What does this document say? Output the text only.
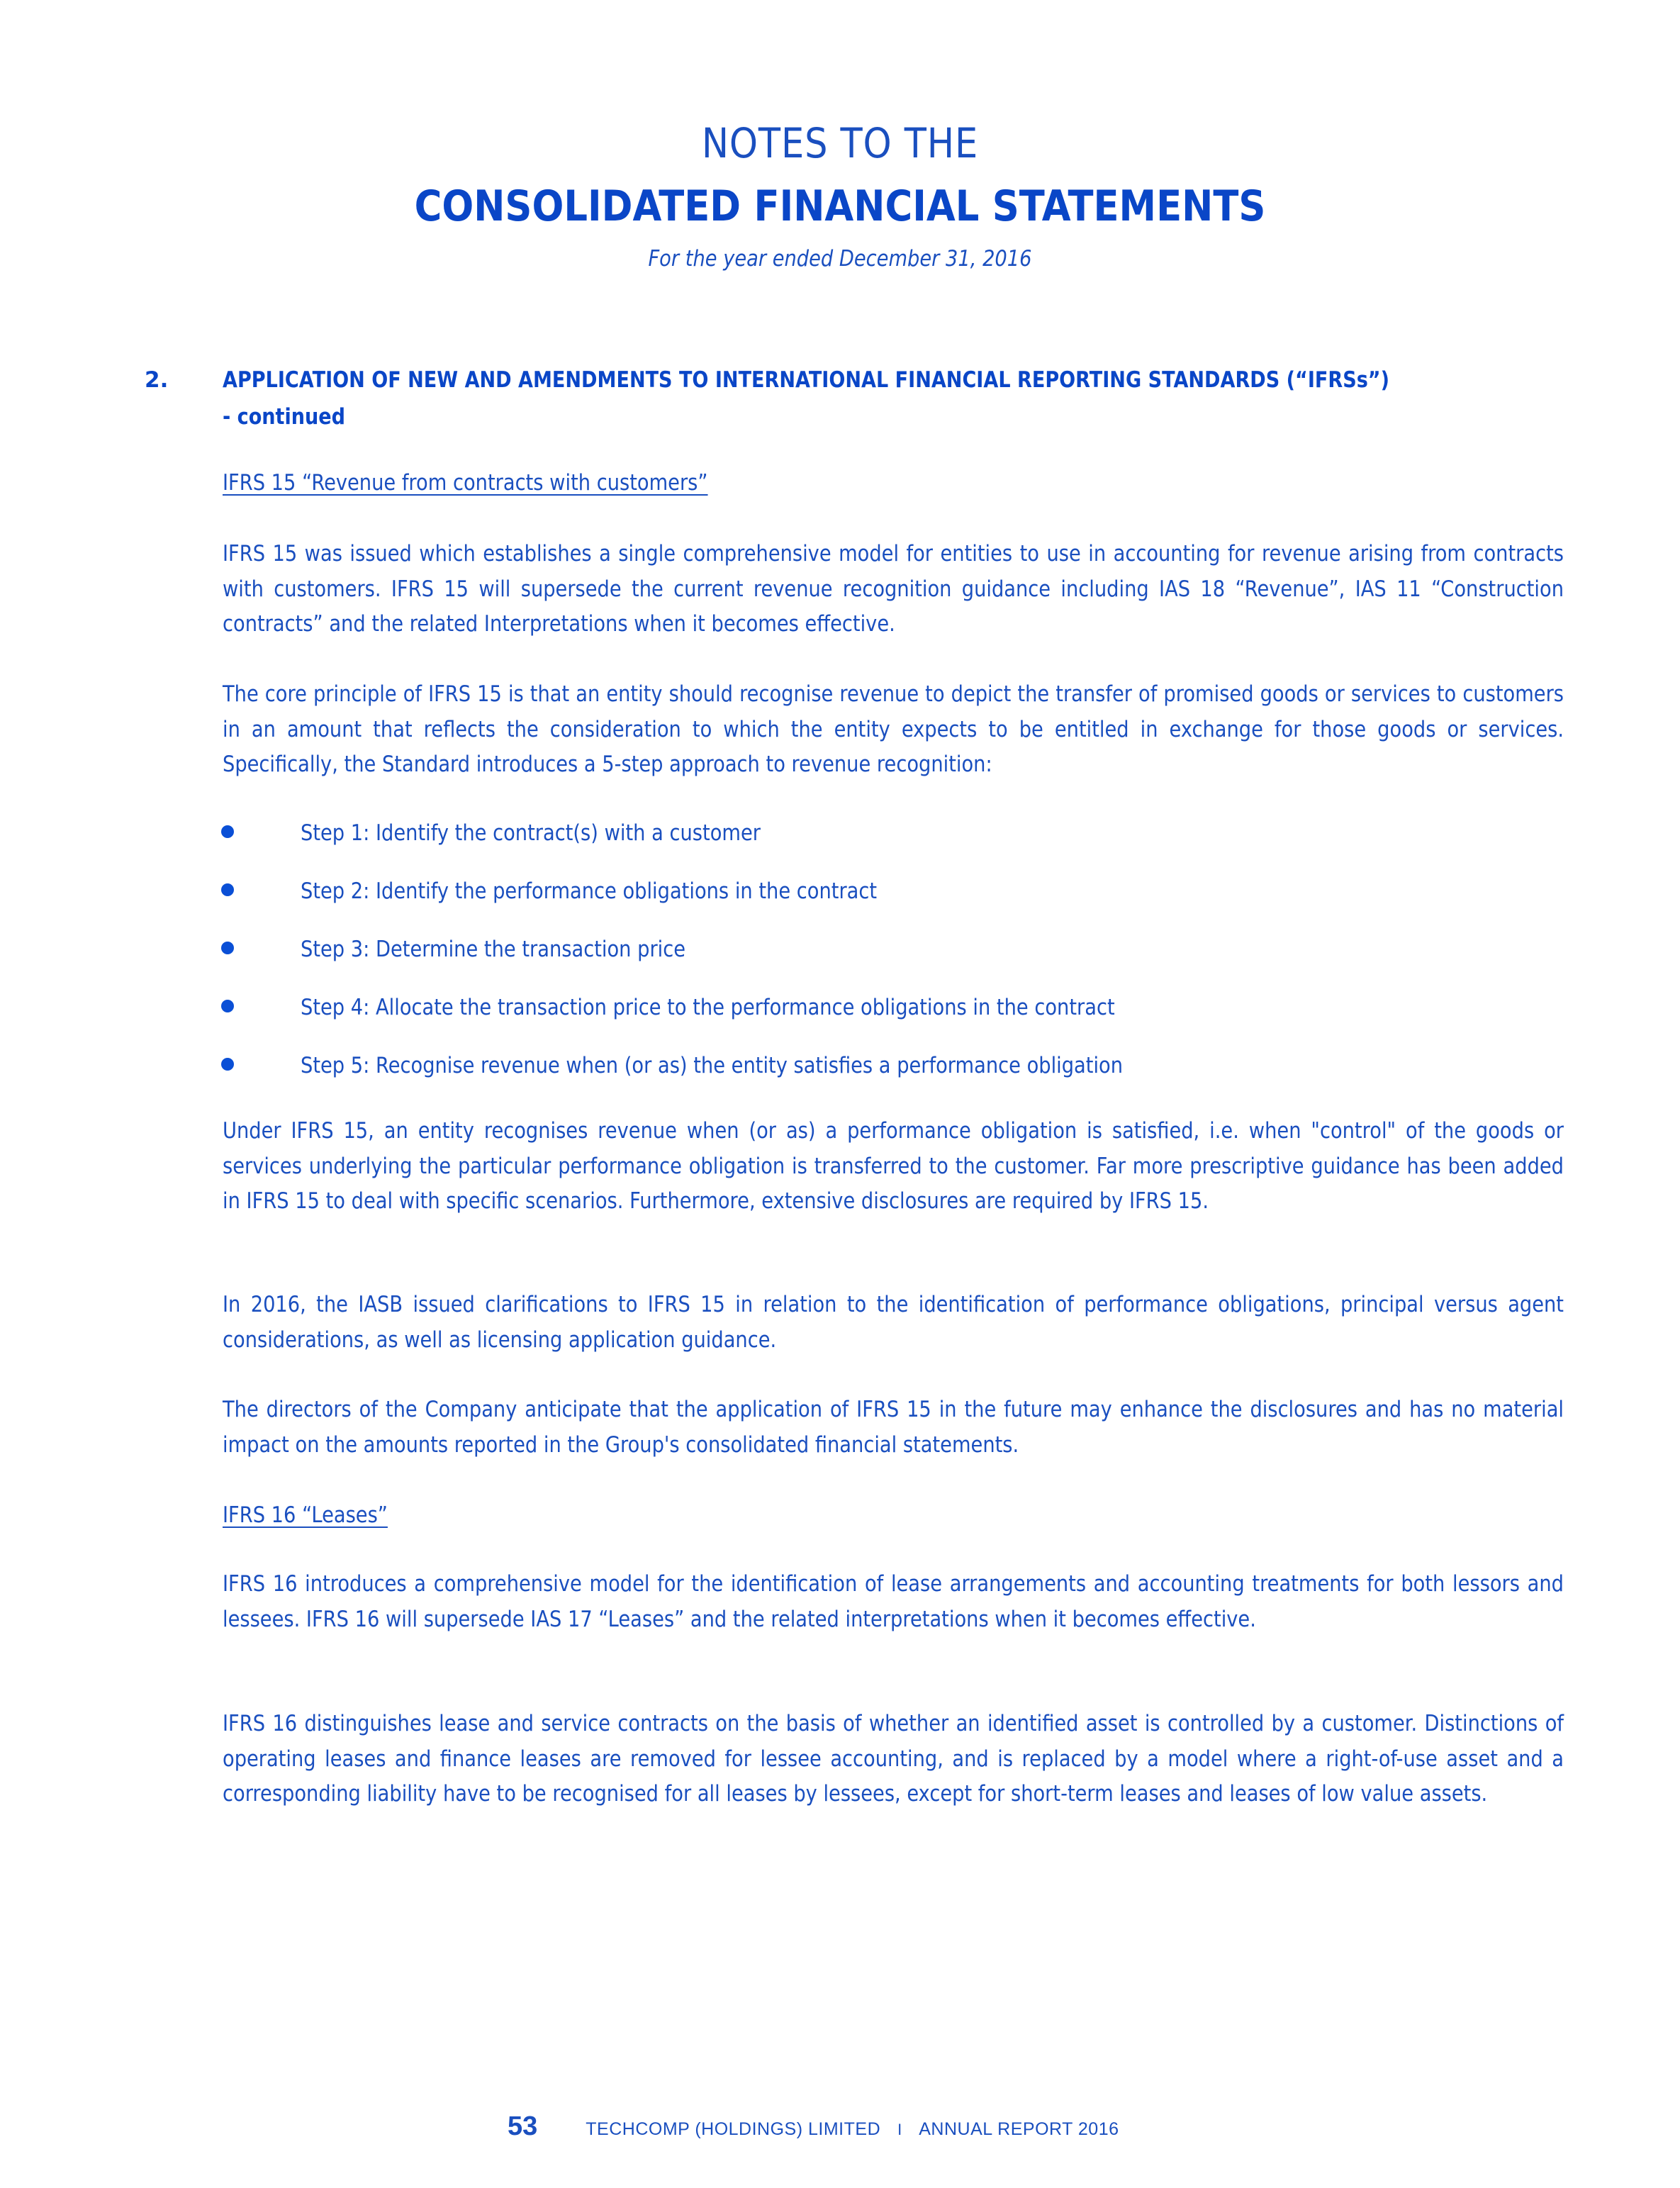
NOTES TO THE
CONSOLIDATED FINANCIAL STATEMENTS
For the year ended December 31, 2016
2.	APPLICATION OF NEW AND AMENDMENTS TO INTERNATIONAL FINANCIAL REPORTING STANDARDS (“IFRSs”)
- continued
IFRS 15 “Revenue from contracts with customers”
IFRS 15 was issued which establishes a single comprehensive model for entities to use in accounting for revenue arising from contracts with customers. IFRS 15 will supersede the current revenue recognition guidance including IAS 18 “Revenue”, IAS 11 “Construction contracts” and the related Interpretations when it becomes effective.
The core principle of IFRS 15 is that an entity should recognise revenue to depict the transfer of promised goods or services to customers in an amount that reflects the consideration to which the entity expects to be entitled in exchange for those goods or services. Specifically, the Standard introduces a 5-step approach to revenue recognition:
Step 1: Identify the contract(s) with a customer
Step 2: Identify the performance obligations in the contract
Step 3: Determine the transaction price
Step 4: Allocate the transaction price to the performance obligations in the contract
Step 5: Recognise revenue when (or as) the entity satisfies a performance obligation
Under IFRS 15, an entity recognises revenue when (or as) a performance obligation is satisfied, i.e. when "control" of the goods or services underlying the particular performance obligation is transferred to the customer. Far more prescriptive guidance has been added in IFRS 15 to deal with specific scenarios. Furthermore, extensive disclosures are required by IFRS 15.
In 2016, the IASB issued clarifications to IFRS 15 in relation to the identification of performance obligations, principal versus agent considerations, as well as licensing application guidance.
The directors of the Company anticipate that the application of IFRS 15 in the future may enhance the disclosures and has no material impact on the amounts reported in the Group's consolidated financial statements.
IFRS 16 “Leases”
IFRS 16 introduces a comprehensive model for the identification of lease arrangements and accounting treatments for both lessors and lessees. IFRS 16 will supersede IAS 17 “Leases” and the related interpretations when it becomes effective.
IFRS 16 distinguishes lease and service contracts on the basis of whether an identified asset is controlled by a customer. Distinctions of operating leases and finance leases are removed for lessee accounting, and is replaced by a model where a right-of-use asset and a corresponding liability have to be recognised for all leases by lessees, except for short-term leases and leases of low value assets.
53	TECHCOMP (HOLDINGS) LIMITED I ANNUAL REPORT 2016
